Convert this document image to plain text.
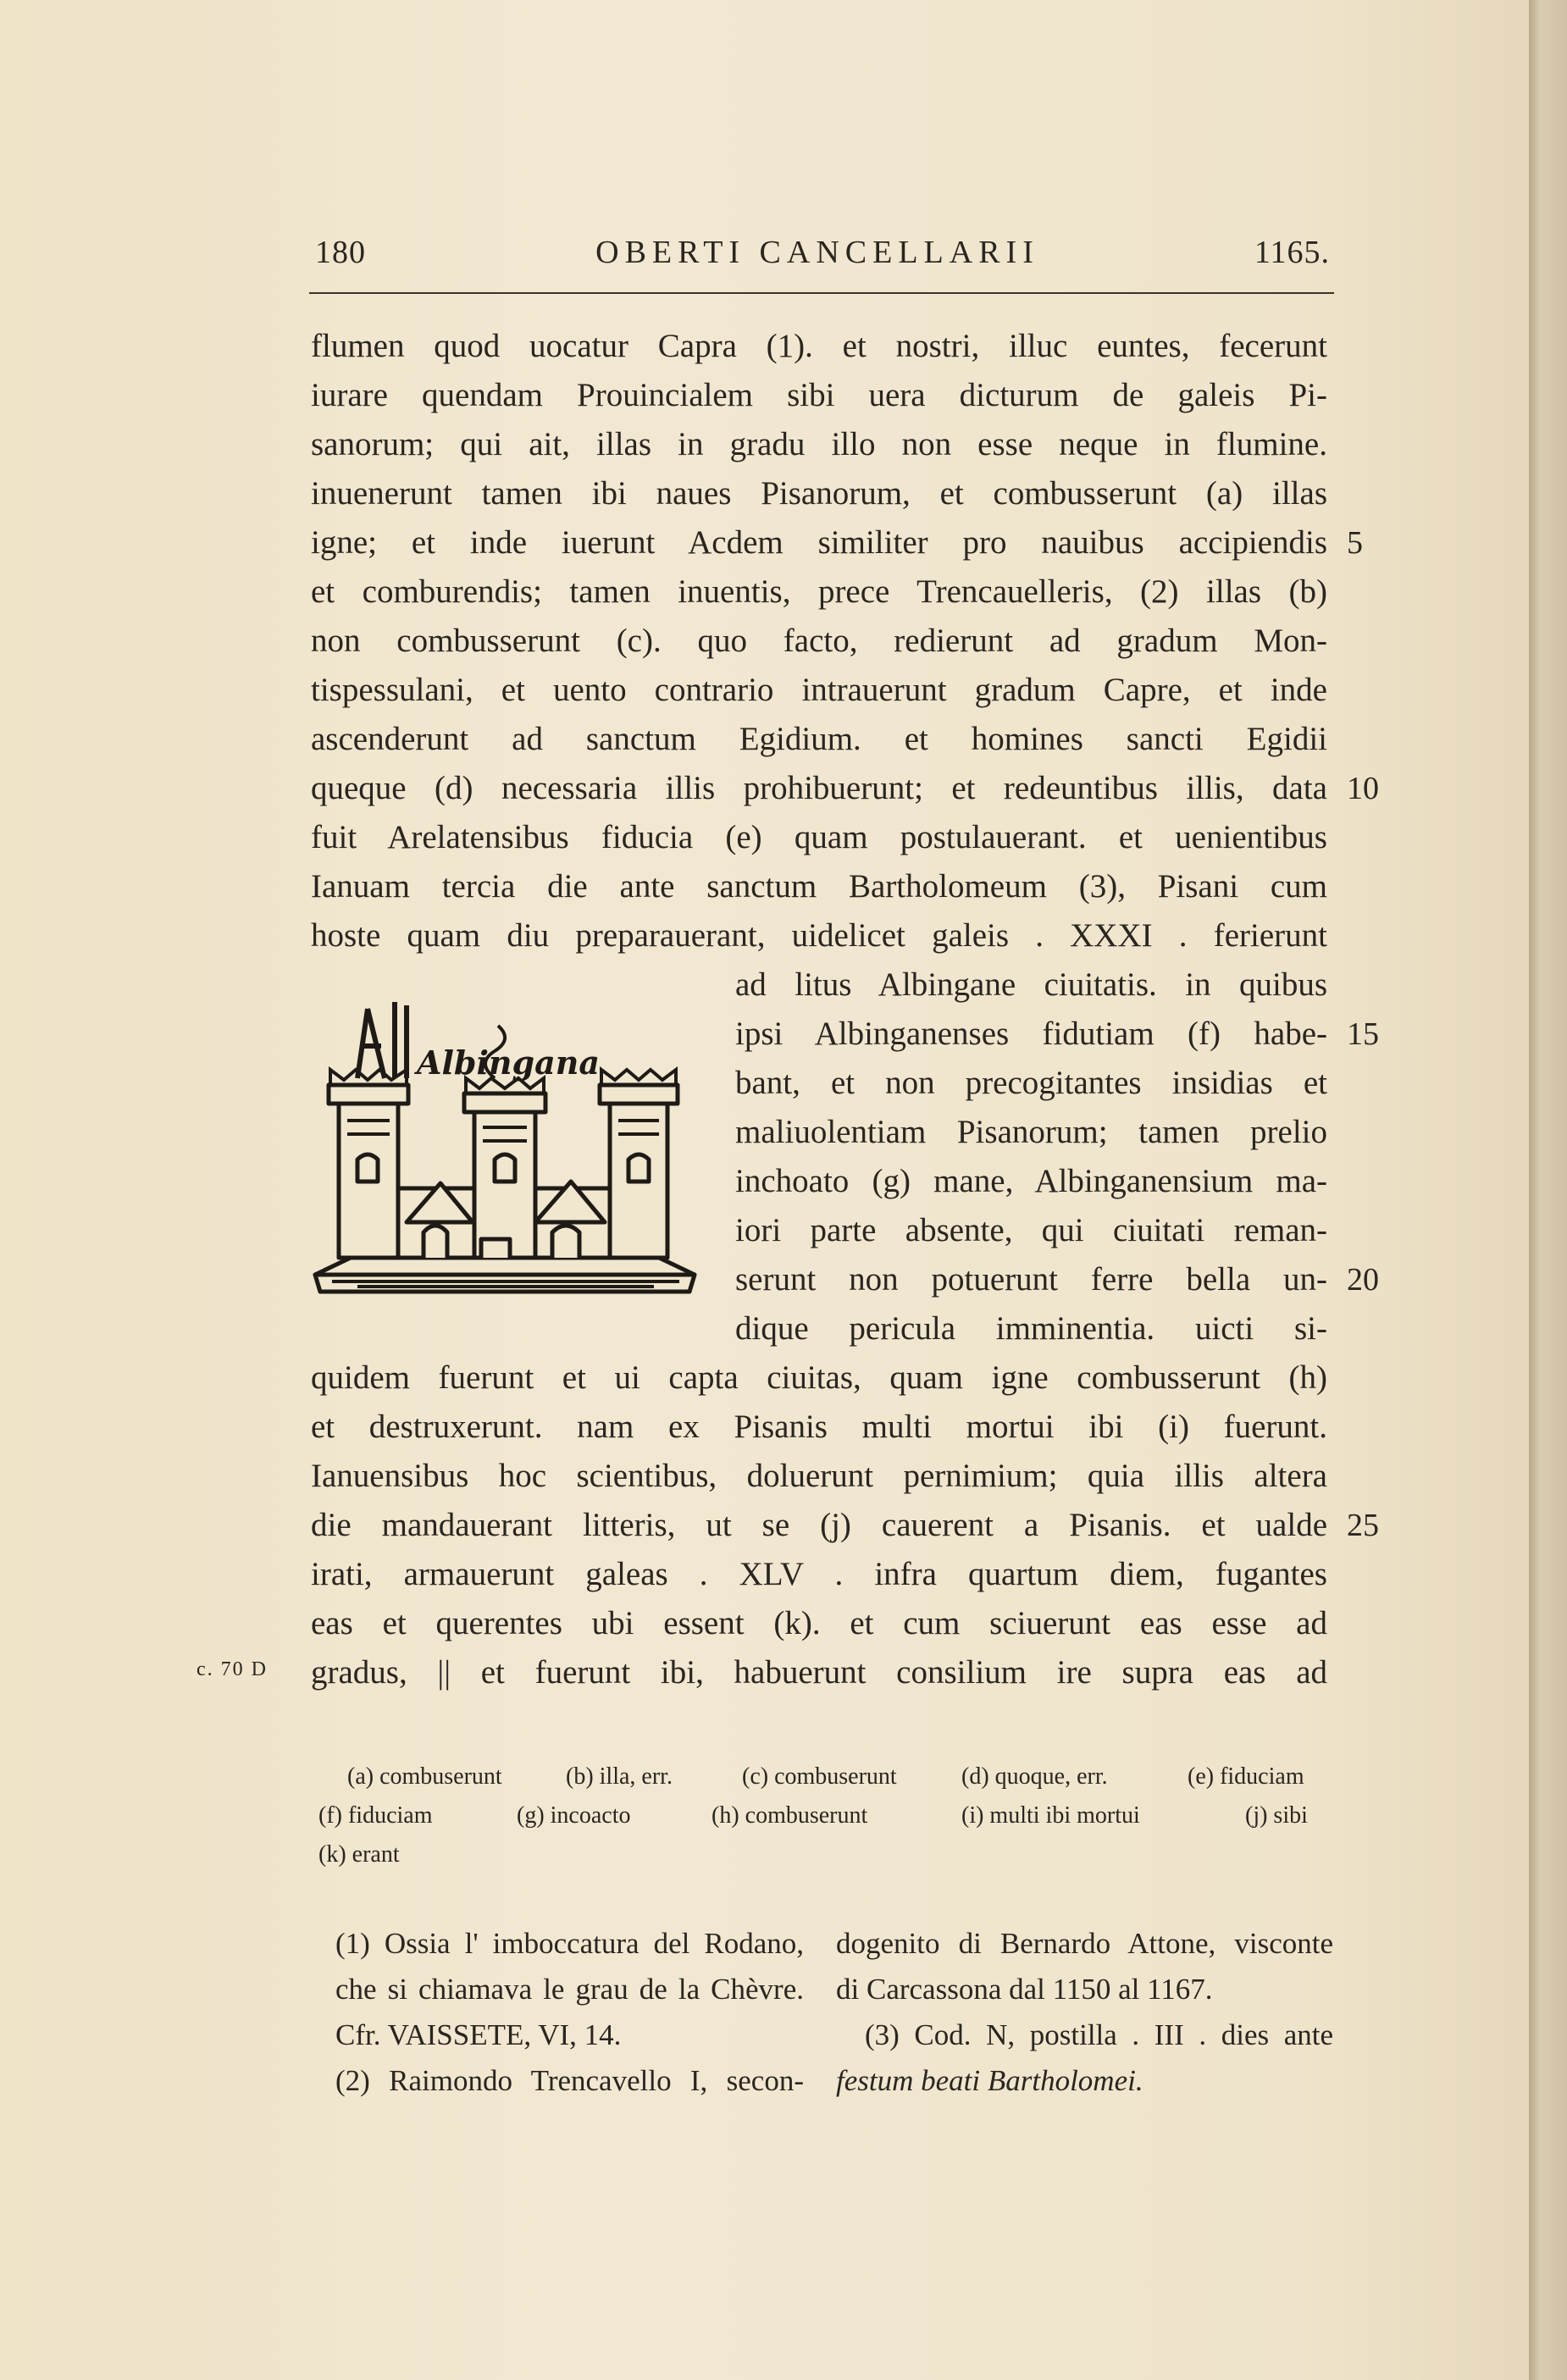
180	OBERTI CANCELLARII	1165.
flumen quod uocatur Capra (1). et nostri, illuc euntes, fecerunt
iurare quendam Prouincialem sibi uera dicturum de galeis Pi-
sanorum; qui ait, illas in gradu illo non esse neque in flumine.
inuenerunt tamen ibi naues Pisanorum, et combusserunt (a) illas
igne; et inde iuerunt Acdem similiter pro nauibus accipiendis
et comburendis; tamen inuentis, prece Trencauelleris, (2) illas (b)
non combusserunt (c). quo facto, redierunt ad gradum Mon-
tispessulani, et uento contrario intrauerunt gradum Capre, et inde
ascenderunt ad sanctum Egidium. et homines sancti Egidii
queque (d) necessaria illis prohibuerunt; et redeuntibus illis, data
fuit Arelatensibus fiducia (e) quam postulauerant. et uenientibus
Ianuam tercia die ante sanctum Bartholomeum (3), Pisani cum
hoste quam diu preparauerant, uidelicet galeis . XXXI . ferierunt
ad litus Albingane ciuitatis. in quibus
ipsi Albinganenses fidutiam (f) habe-
bant, et non precogitantes insidias et
maliuolentiam Pisanorum; tamen prelio
inchoato (g) mane, Albinganensium ma-
iori parte absente, qui ciuitati reman-
serunt non potuerunt ferre bella un-
dique pericula imminentia. uicti si-
quidem fuerunt et ui capta ciuitas, quam igne combusserunt (h)
et destruxerunt. nam ex Pisanis multi mortui ibi (i) fuerunt.
Ianuensibus hoc scientibus, doluerunt pernimium; quia illis altera
die mandauerant litteris, ut se (j) cauerent a Pisanis. et ualde
irati, armauerunt galeas . XLV . infra quartum diem, fugantes
eas et querentes ubi essent (k). et cum sciuerunt eas esse ad
gradus, || et fuerunt ibi, habuerunt consilium ire supra eas ad
5
10
15
20
25
c. 70 D
Albingana
(a) combuserunt	(b) illa, err.	(c) combuserunt	(d) quoque, err.	(e) fiduciam
(f) fiduciam	(g) incoacto	(h) combuserunt	(i) multi ibi mortui	(j) sibi
(k) erant
(1) Ossia l' imboccatura del Rodano,
che si chiamava le grau de la Chèvre.
Cfr. VAISSETE, VI, 14.
(2) Raimondo Trencavello I, secon-
dogenito di Bernardo Attone, visconte
di Carcassona dal 1150 al 1167.
(3) Cod. N, postilla . III . dies ante
festum beati Bartholomei.
